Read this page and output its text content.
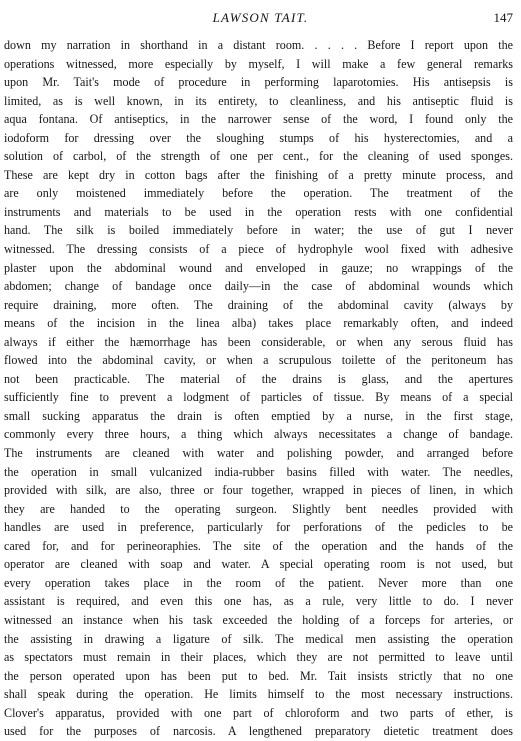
LAWSON TAIT.	147
down my narration in shorthand in a distant room. . . . . Before I report upon the
operations witnessed, more especially by myself, I will make a few general remarks
upon Mr. Tait's mode of procedure in performing laparotomies. His antisepsis is
limited, as is well known, in its entirety, to cleanliness, and his antiseptic fluid is
aqua fontana. Of antiseptics, in the narrower sense of the word, I found only the
iodoform for dressing over the sloughing stumps of his hysterectomies, and a
solution of carbol, of the strength of one per cent., for the cleaning of used sponges.
These are kept dry in cotton bags after the finishing of a pretty minute process, and
are only moistened immediately before the operation. The treatment of the
instruments and materials to be used in the operation rests with one confidential
hand. The silk is boiled immediately before in water; the use of gut I never
witnessed. The dressing consists of a piece of hydrophyle wool fixed with adhesive
plaster upon the abdominal wound and enveloped in gauze; no wrappings of the
abdomen; change of bandage once daily—in the case of abdominal wounds which
require draining, more often. The draining of the abdominal cavity (always by
means of the incision in the linea alba) takes place remarkably often, and indeed
always if either the hæmorrhage has been considerable, or when any serous fluid has
flowed into the abdominal cavity, or when a scrupulous toilette of the peritoneum has
not been practicable. The material of the drains is glass, and the apertures
sufficiently fine to prevent a lodgment of particles of tissue. By means of a special
small sucking apparatus the drain is often emptied by a nurse, in the first stage,
commonly every three hours, a thing which always necessitates a change of bandage.
The instruments are cleaned with water and polishing powder, and arranged before
the operation in small vulcanized india-rubber basins filled with water. The needles,
provided with silk, are also, three or four together, wrapped in pieces of linen, in which
they are handed to the operating surgeon. Slightly bent needles provided with
handles are used in preference, particularly for perforations of the pedicles to be
cared for, and for perineoraphies. The site of the operation and the hands of the
operator are cleaned with soap and water. A special operating room is not used, but
every operation takes place in the room of the patient. Never more than one
assistant is required, and even this one has, as a rule, very little to do. I never
witnessed an instance when his task exceeded the holding of a forceps for arteries, or
the assisting in drawing a ligature of silk. The medical men assisting the operation
as spectators must remain in their places, which they are not permitted to leave until
the person operated upon has been put to bed. Mr. Tait insists strictly that no one
shall speak during the operation. He limits himself to the most necessary instructions.
Clover's apparatus, provided with one part of chloroform and two parts of ether, is
used for the purposes of narcosis. A lengthened preparatory dietetic treatment does
